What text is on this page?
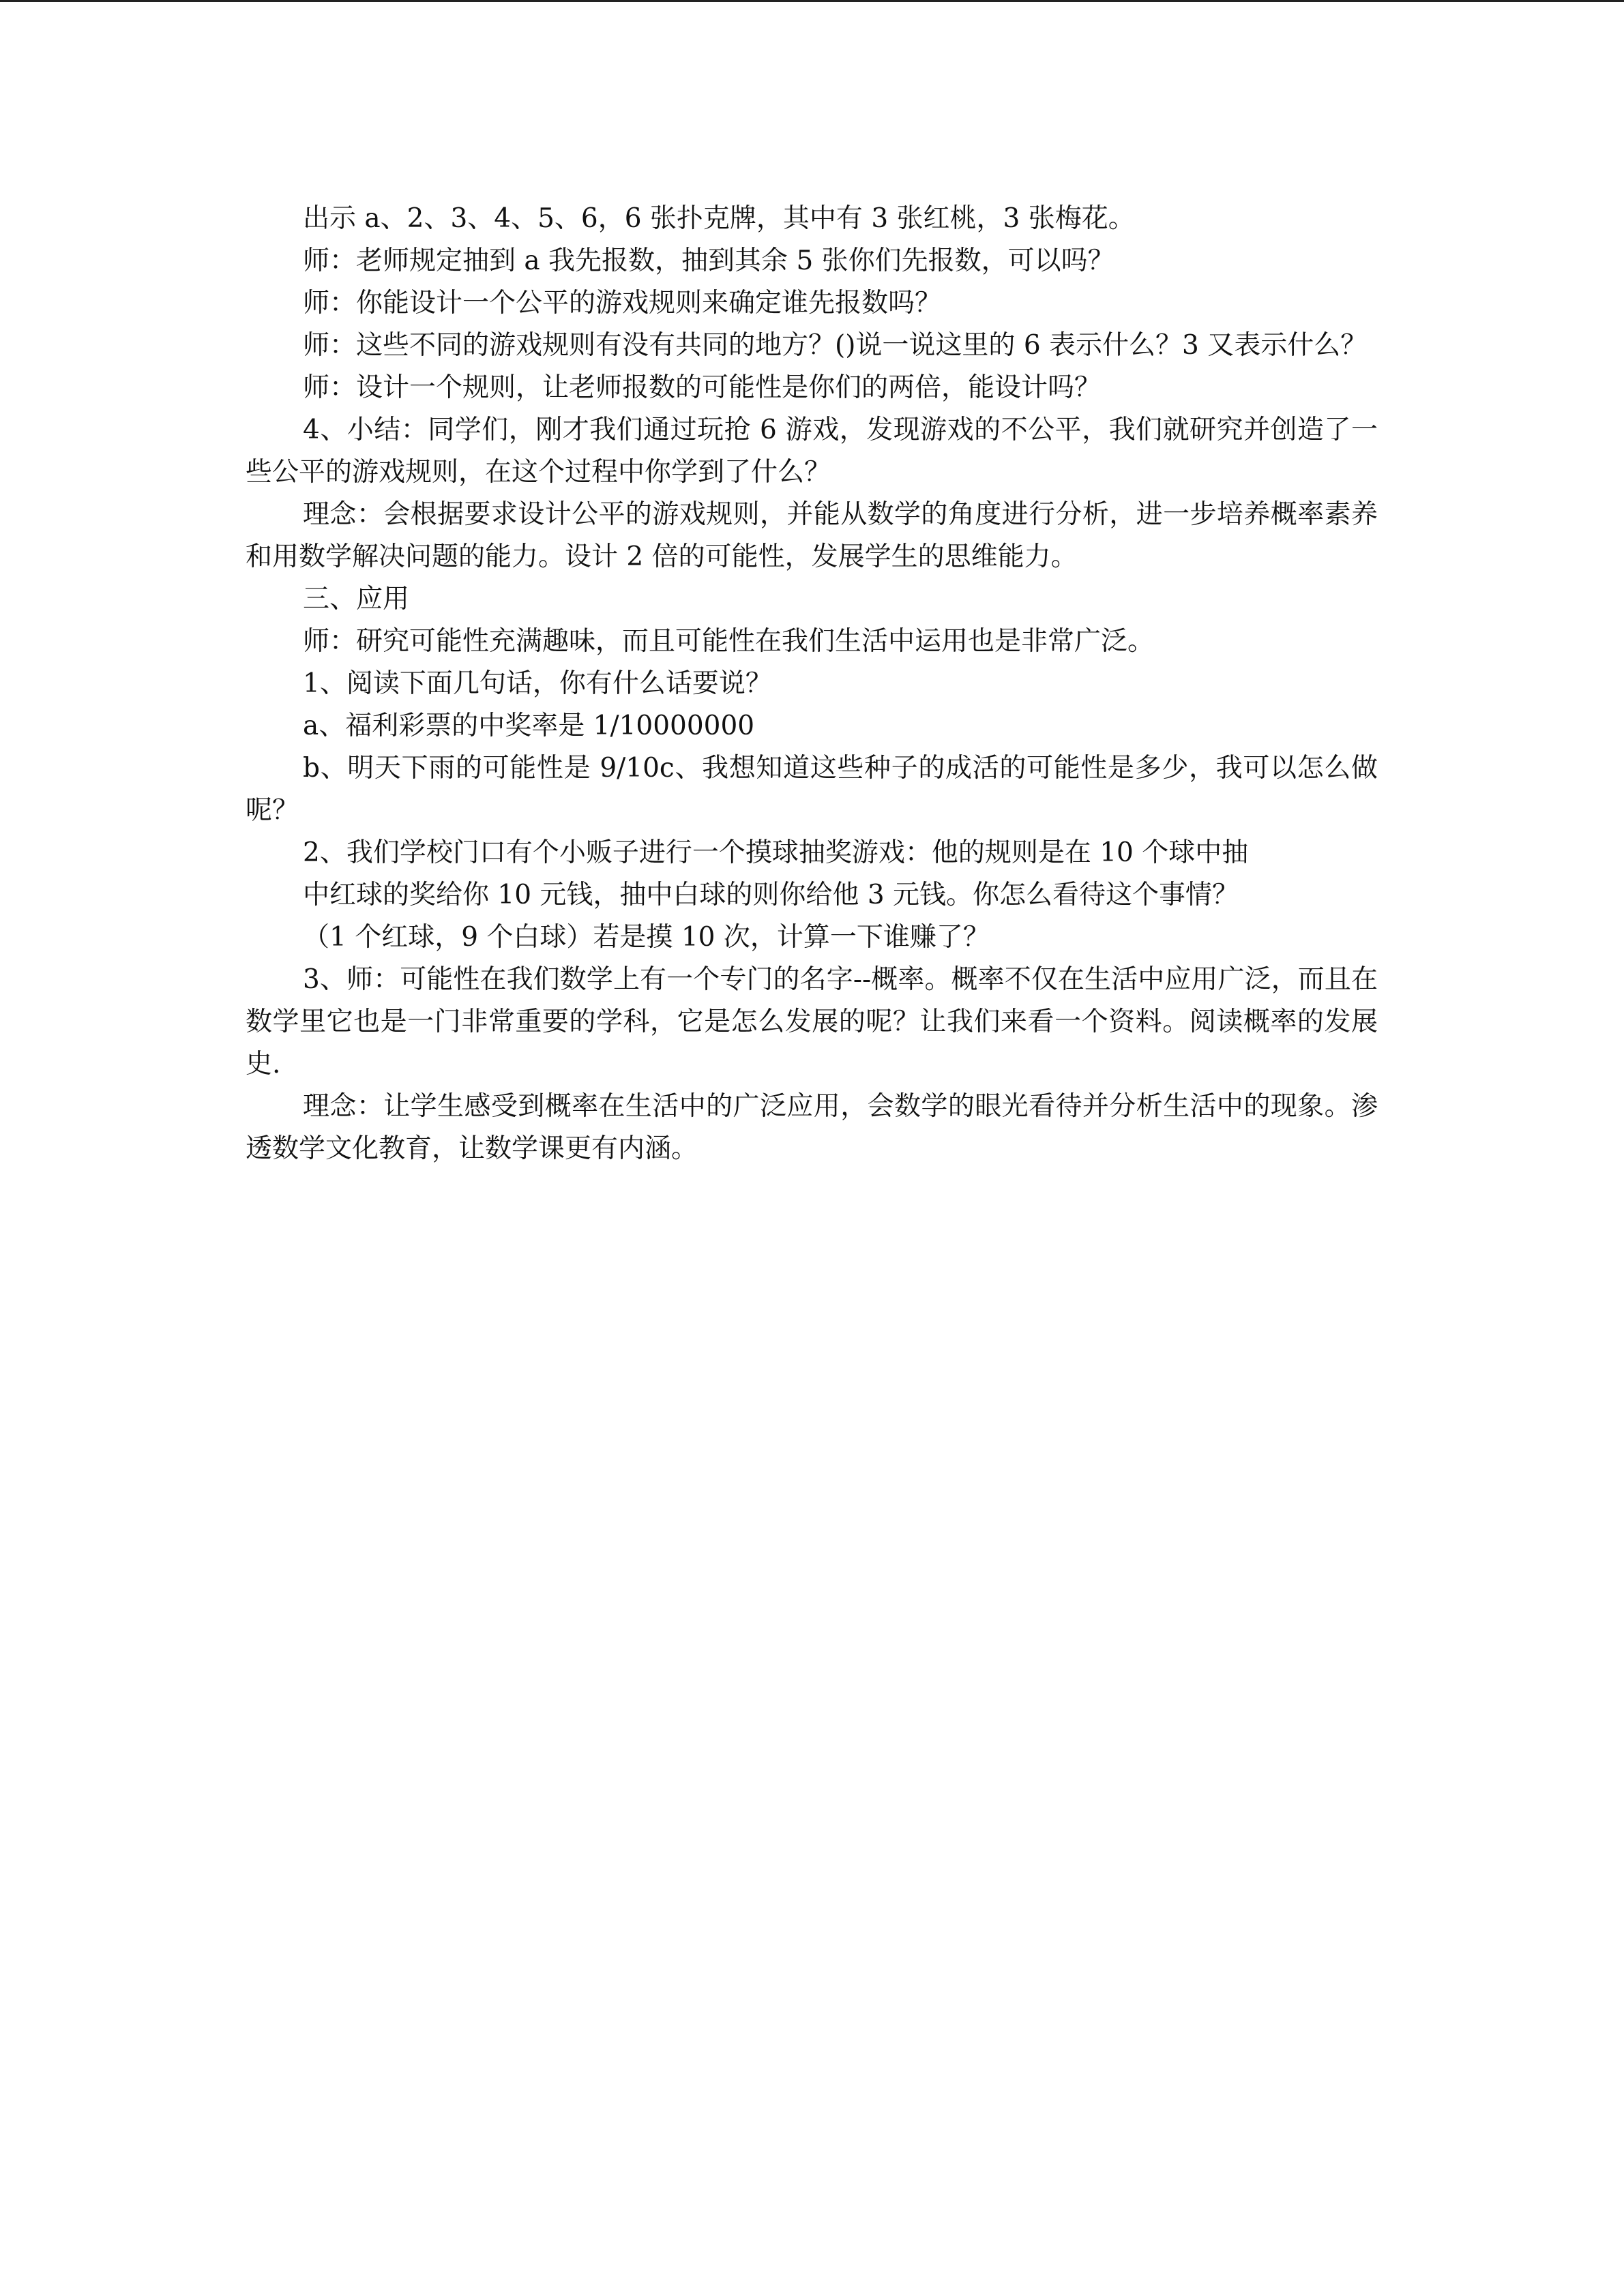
出示 a、2、3、4、5、6，6 张扑克牌，其中有 3 张红桃，3 张梅花。

师：老师规定抽到 a 我先报数，抽到其余 5 张你们先报数，可以吗？

师：你能设计一个公平的游戏规则来确定谁先报数吗？

师：这些不同的游戏规则有没有共同的地方？()说一说这里的 6 表示什么？3 又表示什么？

师：设计一个规则，让老师报数的可能性是你们的两倍，能设计吗？

4、小结：同学们，刚才我们通过玩抢 6 游戏，发现游戏的不公平，我们就研究并创造了一些公平的游戏规则，在这个过程中你学到了什么？

理念：会根据要求设计公平的游戏规则，并能从数学的角度进行分析，进一步培养概率素养和用数学解决问题的能力。设计 2 倍的可能性，发展学生的思维能力。

三、应用

师：研究可能性充满趣味，而且可能性在我们生活中运用也是非常广泛。

1、阅读下面几句话，你有什么话要说？

a、福利彩票的中奖率是 1/10000000

b、明天下雨的可能性是 9/10c、我想知道这些种子的成活的可能性是多少，我可以怎么做呢？

2、我们学校门口有个小贩子进行一个摸球抽奖游戏：他的规则是在 10 个球中抽

中红球的奖给你 10 元钱，抽中白球的则你给他 3 元钱。你怎么看待这个事情？

（1 个红球，9 个白球）若是摸 10 次，计算一下谁赚了？

3、师：可能性在我们数学上有一个专门的名字--概率。概率不仅在生活中应用广泛，而且在数学里它也是一门非常重要的学科，它是怎么发展的呢？让我们来看一个资料。阅读概率的发展史.

理念：让学生感受到概率在生活中的广泛应用，会数学的眼光看待并分析生活中的现象。渗透数学文化教育，让数学课更有内涵。
